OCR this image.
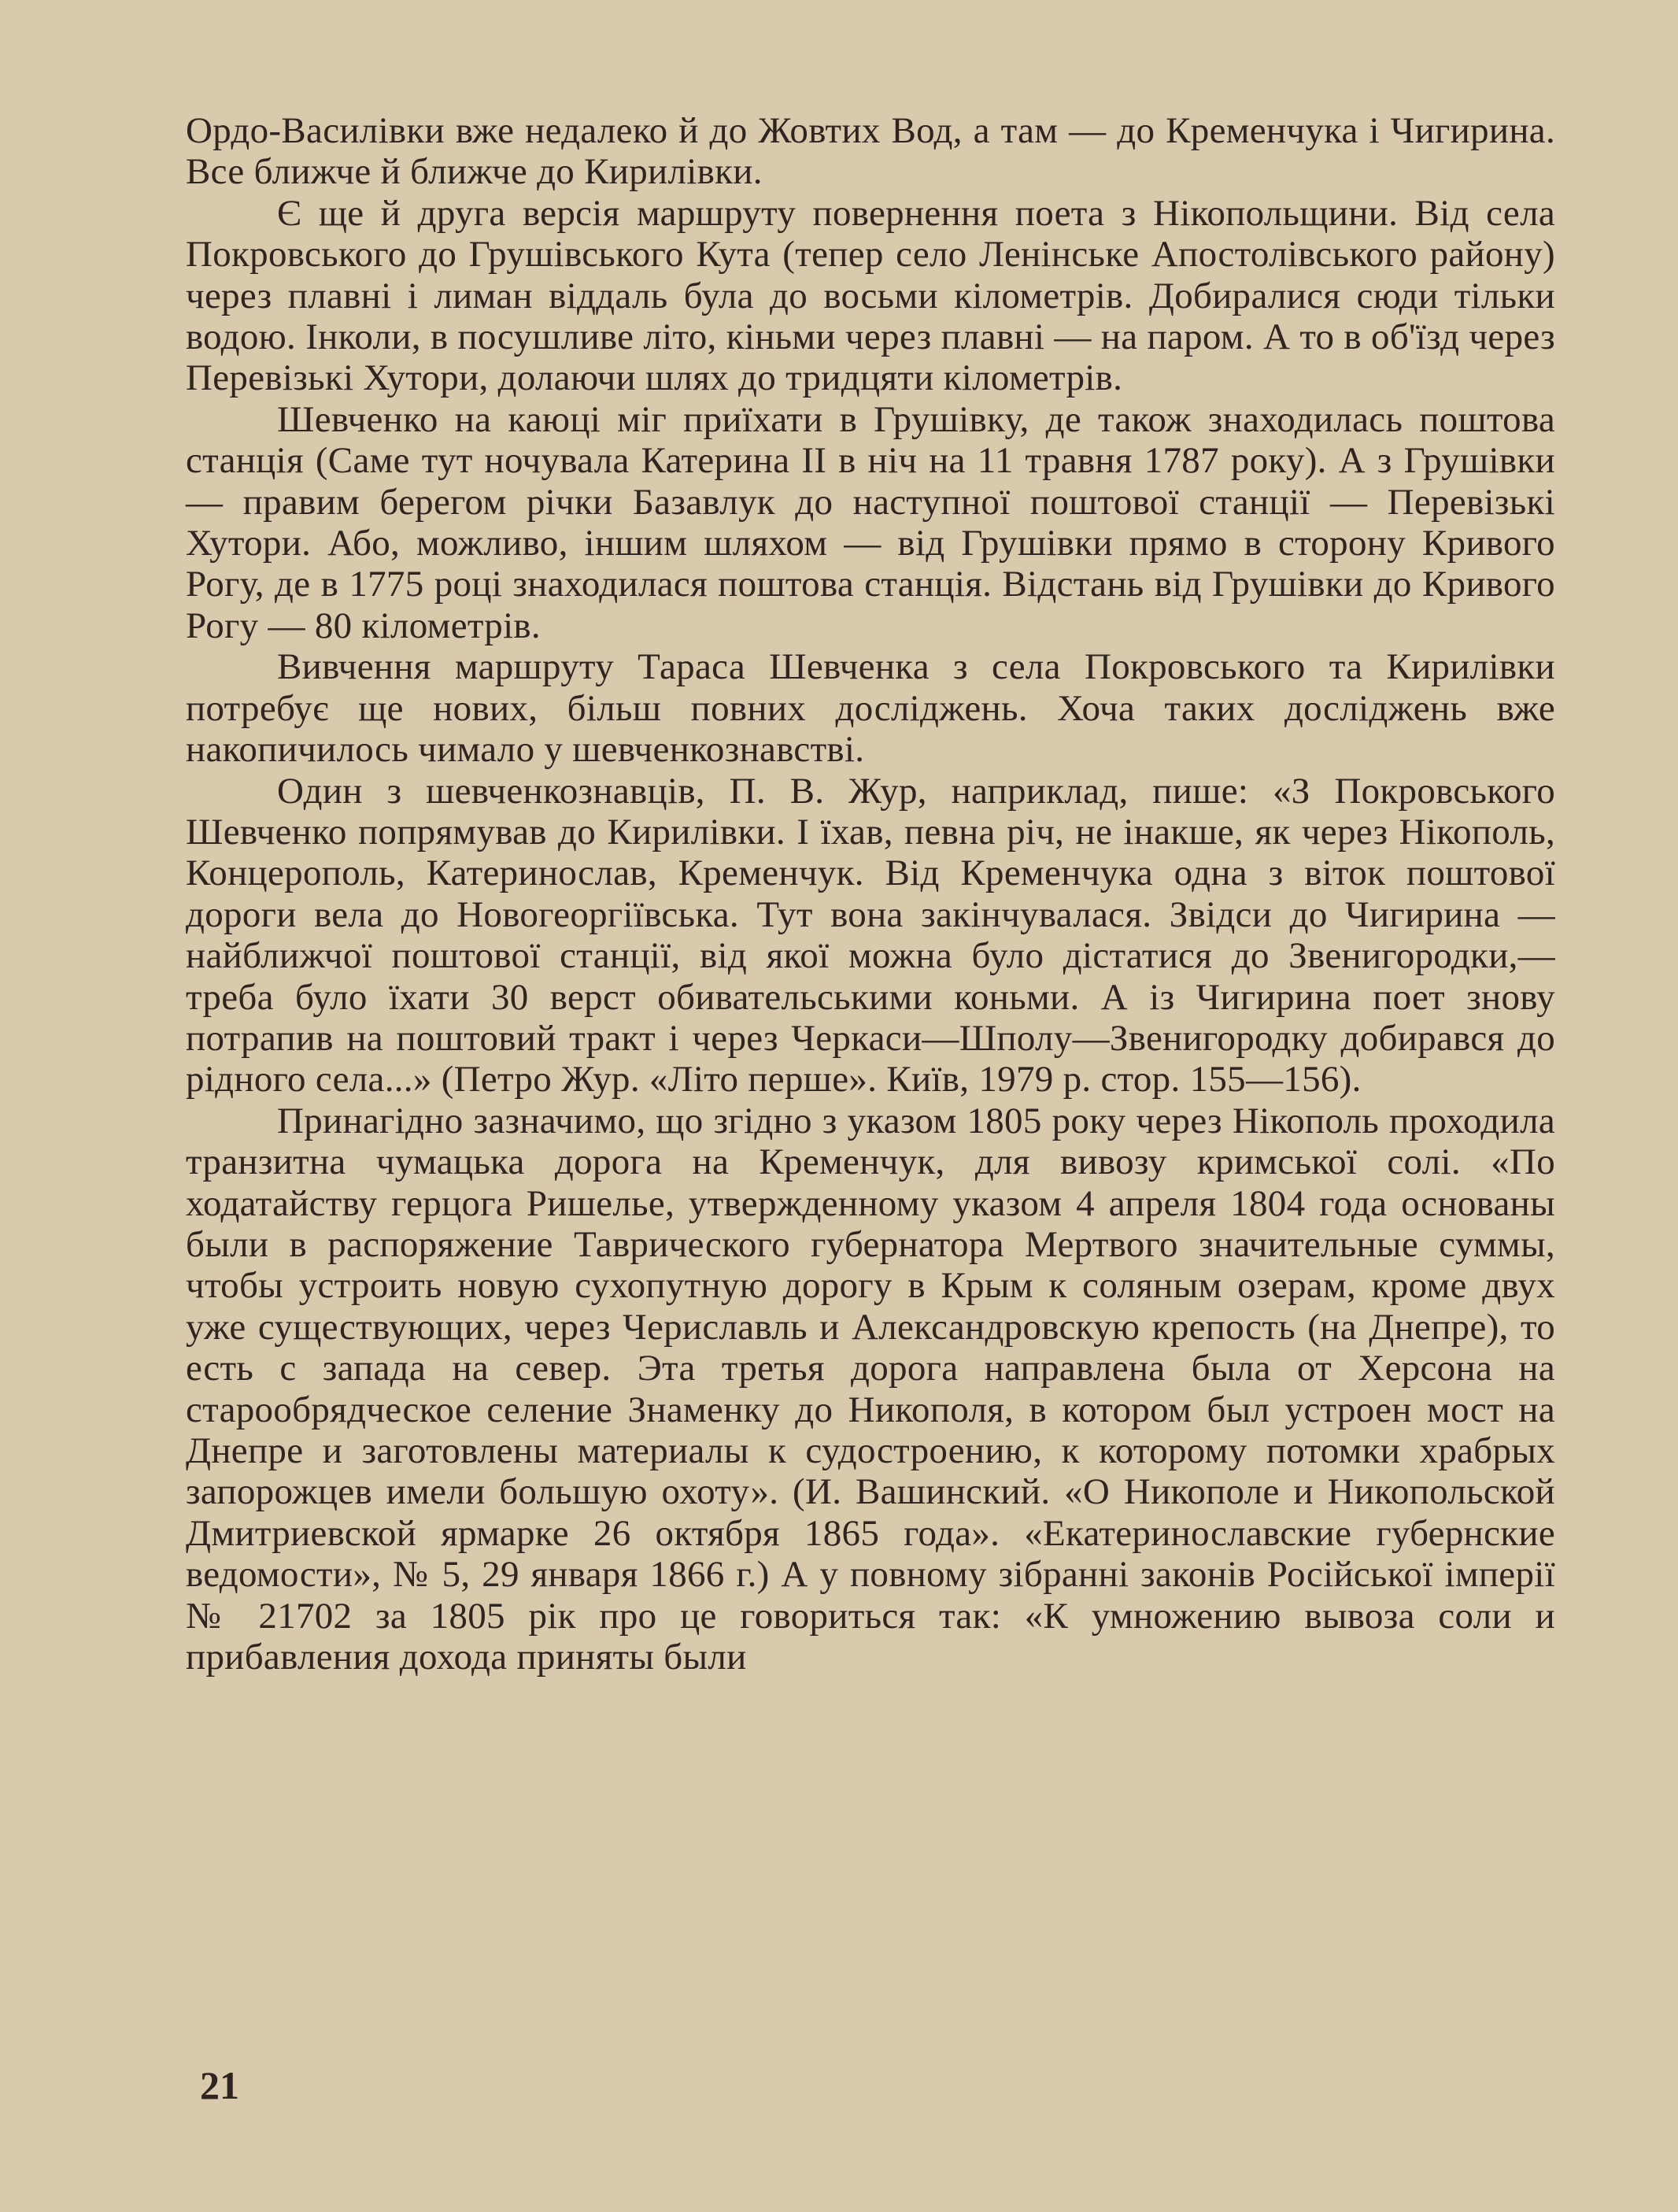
Ордо-Василівки вже недалеко й до Жовтих Вод, а там — до Кременчука і Чигирина. Все ближче й ближче до Кирилівки.

Є ще й друга версія маршруту повернення поета з Нікопольщини. Від села Покровського до Грушівського Кута (тепер село Ленінське Апостолівського району) через плавні і лиман віддаль була до восьми кілометрів. Добиралися сюди тільки водою. Інколи, в посушливе літо, кіньми через плавні — на паром. А то в об'їзд через Перевізькі Хутори, долаючи шлях до тридцяти кілометрів.

Шевченко на каюці міг приїхати в Грушівку, де також знаходилась поштова станція (Саме тут ночувала Катерина II в ніч на 11 травня 1787 року). А з Грушівки — правим берегом річки Базавлук до наступної поштової станції — Перевізькі Хутори. Або, можливо, іншим шляхом — від Грушівки прямо в сторону Кривого Рогу, де в 1775 році знаходилася поштова станція. Відстань від Грушівки до Кривого Рогу — 80 кілометрів.

Вивчення маршруту Тараса Шевченка з села Покровського та Кирилівки потребує ще нових, більш повних досліджень. Хоча таких досліджень вже накопичилось чимало у шевченкознавстві.

Один з шевченкознавців, П. В. Жур, наприклад, пише: «З Покровського Шевченко попрямував до Кирилівки. І їхав, певна річ, не інакше, як через Нікополь, Концерополь, Катеринослав, Кременчук. Від Кременчука одна з віток поштової дороги вела до Новогеоргіївська. Тут вона закінчувалася. Звідси до Чигирина — найближчої поштової станції, від якої можна було дістатися до Звенигородки,— треба було їхати 30 верст обивательськими коньми. А із Чигирина поет знову потрапив на поштовий тракт і через Черкаси—Шполу—Звенигородку добирався до рідного села...» (Петро Жур. «Літо перше». Київ, 1979 р. стор. 155—156).

Принагідно зазначимо, що згідно з указом 1805 року через Нікополь проходила транзитна чумацька дорога на Кременчук, для вивозу кримської солі. «По ходатайству герцога Ришелье, утвержденному указом 4 апреля 1804 года основаны были в распоряжение Таврического губернатора Мертвого значительные суммы, чтобы устроить новую сухопутную дорогу в Крым к соляным озерам, кроме двух уже существующих, через Чериславль и Александровскую крепость (на Днепре), то есть с запада на север. Эта третья дорога направлена была от Херсона на старообрядческое селение Знаменку до Никополя, в котором был устроен мост на Днепре и заготовлены материалы к судостроению, к которому потомки храбрых запорожцев имели большую охоту». (И. Вашинский. «О Никополе и Никопольской Дмитриевской ярмарке 26 октября 1865 года». «Екатеринославские губернские ведомости», № 5, 29 января 1866 г.) А у повному зібранні законів Російської імперії № 21702 за 1805 рік про це говориться так: «К умножению вывоза соли и прибавления дохода приняты были

21
